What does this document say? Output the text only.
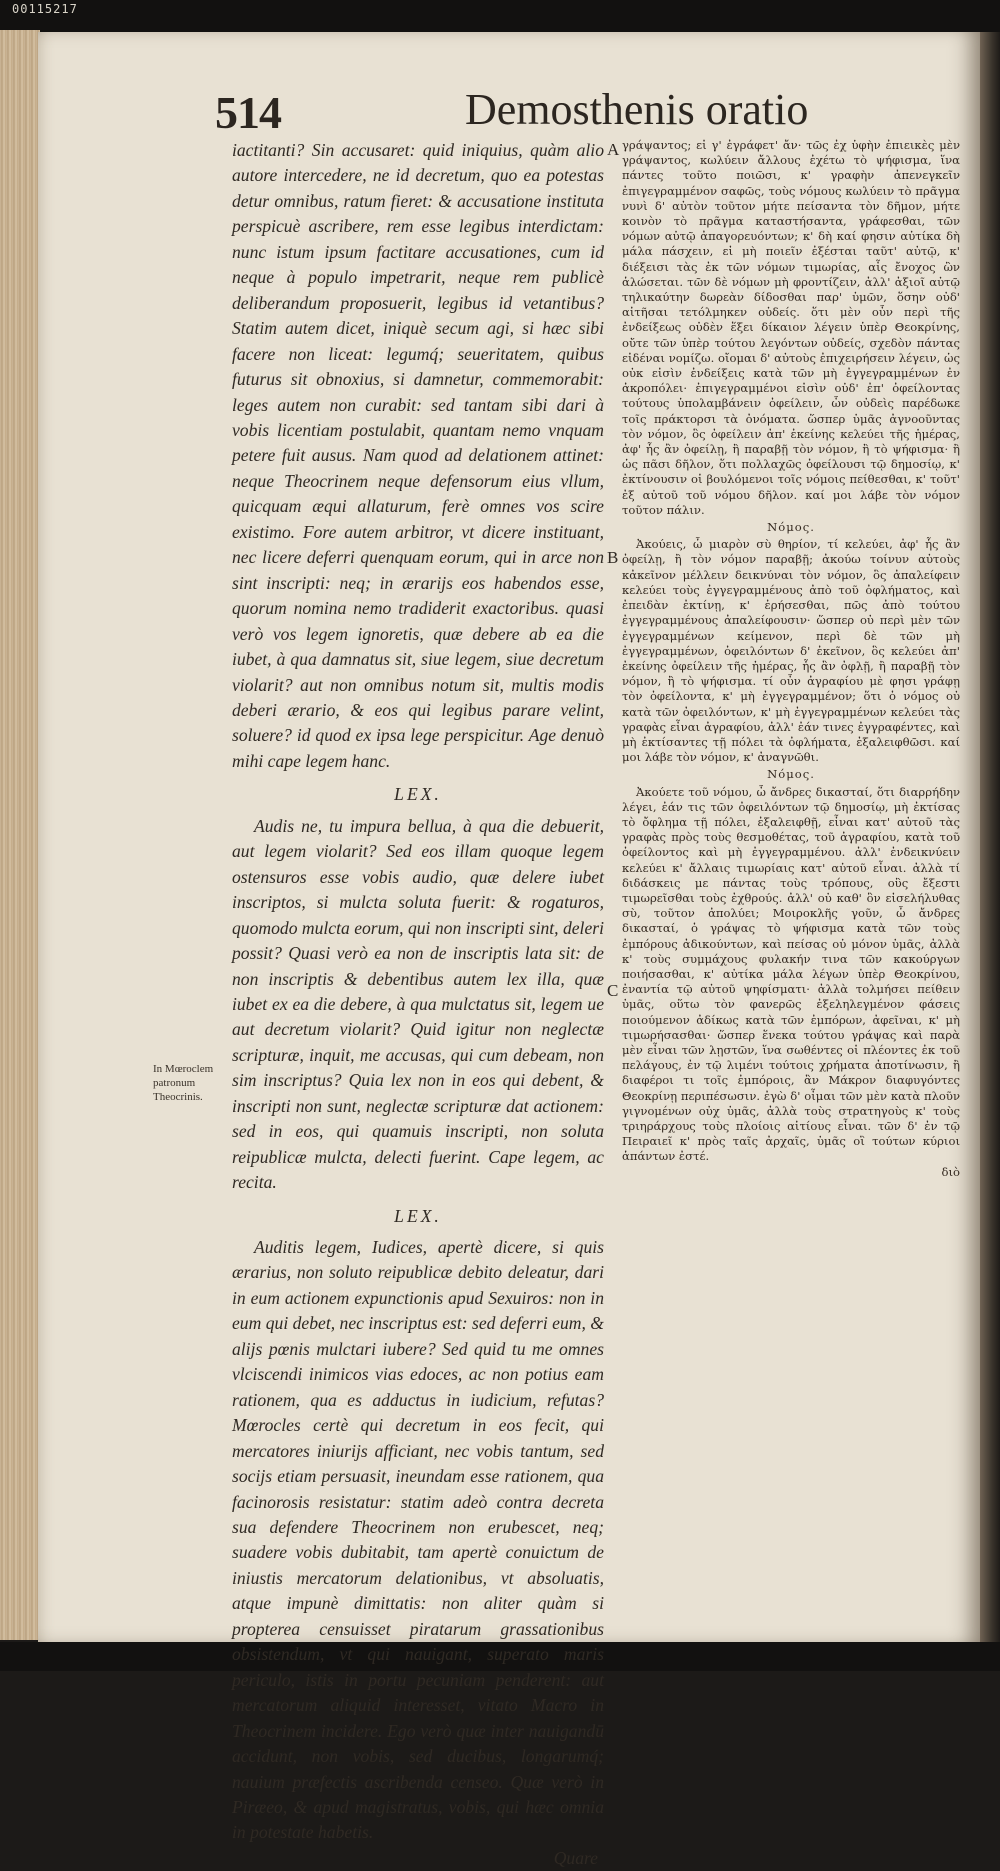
00115217
514	Demosthenis oratio

iactitanti? Sin accusaret: quid iniquius, quàm alio autore intercedere, ne id decretum, quo ea potestas detur omnibus, ratum fieret: & accusatione instituta perspicuè ascribere, rem esse legibus interdictam: nunc istum ipsum factitare accusationes, cum id neque à populo impetrarit, neque rem publicè deliberandum proposuerit, legibus id vetantibus? Statim autem dicet, iniquè secum agi, si hæc sibi facere non liceat: legumq́; seueritatem, quibus futurus sit obnoxius, si damnetur, commemorabit: leges autem non curabit: sed tantam sibi dari à vobis licentiam postulabit, quantam nemo vnquam petere fuit ausus. Nam quod ad delationem attinet: neque Theocrinem neque defensorum eius vllum, quicquam æqui allaturum, ferè omnes vos scire existimo. Fore autem arbitror, vt dicere instituant, nec licere deferri quenquam eorum, qui in arce non sint inscripti: neq; in ærarijs eos habendos esse, quorum nomina nemo tradiderit exactoribus. quasi verò vos legem ignoretis, quæ debere ab ea die iubet, à qua damnatus sit, siue legem, siue decretum violarit? aut non omnibus notum sit, multis modis deberi ærario, & eos qui legibus parare velint, soluere? id quod ex ipsa lege perspicitur. Age denuò mihi cape legem hanc.

LEX.

Audis ne, tu impura bellua, à qua die debuerit, aut legem violarit? Sed eos illam quoque legem ostensuros esse vobis audio, quæ delere iubet inscriptos, si mulcta soluta fuerit: & rogaturos, quomodo mulcta eorum, qui non inscripti sint, deleri possit? Quasi verò ea non de inscriptis lata sit: de non inscriptis & debentibus autem lex illa, quæ iubet ex ea die debere, à qua mulctatus sit, legem ue aut decretum violarit? Quid igitur non neglectæ scripturæ, inquit, me accusas, qui cum debeam, non sim inscriptus? Quia lex non in eos qui debent, & inscripti non sunt, neglectæ scripturæ dat actionem: sed in eos, qui quamuis inscripti, non soluta reipublicæ mulcta, delecti fuerint. Cape legem, ac recita.

LEX.

Auditis legem, Iudices, apertè dicere, si quis ærarius, non soluto reipublicæ debito deleatur, dari in eum actionem expunctionis apud Sexuiros: non in eum qui debet, nec inscriptus est: sed deferri eum, & alijs pœnis mulctari iubere? Sed quid tu me omnes vlciscendi inimicos vias edoces, ac non potius eam rationem, qua es adductus in iudicium, refutas? Mœrocles certè qui decretum in eos fecit, qui mercatores iniurijs afficiant, nec vobis tantum, sed socijs etiam persuasit, ineundam esse rationem, qua facinorosis resistatur: statim adeò contra decreta sua defendere Theocrinem non erubescet, neq; suadere vobis dubitabit, tam apertè conuictum de iniustis mercatorum delationibus, vt absoluatis, atque impunè dimittatis: non aliter quàm si propterea censuisset piratarum grassationibus obsistendum, vt qui nauigant, superato maris periculo, istis in portu pecuniam penderent: aut mercatorum aliquid interesset, vitato Macro in Theocrinem incidere. Ego verò quæ inter nauigandū accidunt, non vobis, sed ducibus, longarumq́; nauium præfectis ascribenda censeo. Quæ verò in Piræeo, & apud magistratus, vobis, qui hæc omnia in potestate habetis.

Quare
A
B
C
In Mœroclem patronum Theocrinis.

γράψαντος; εἰ γ' ἐγράφετ' ἄν· τῶς ἐχ ὑφὴν ἐπιεικὲς μὲν γράψαντος, κωλύειν ἄλλους ἐχέτω τὸ ψήφισμα, ἵνα πάντες τοῦτο ποιῶσι, κ' γραφὴν ἀπενεγκεῖν ἐπιγεγραμμένον σαφῶς, τοὺς νόμους κωλύειν τὸ πρᾶγμα νυνὶ δ' αὐτὸν τοῦτον μήτε πείσαντα τὸν δῆμον, μήτε κοινὸν τὸ πρᾶγμα καταστήσαντα, γράφεσθαι, τῶν νόμων αὐτῷ ἀπαγορευόντων; κ' δὴ καί φησιν αὐτίκα δὴ μάλα πάσχειν, εἰ μὴ ποιεῖν ἐξέσται ταῦτ' αὐτῷ, κ' διέξεισι τὰς ἐκ τῶν νόμων τιμωρίας, αἷς ἔνοχος ὢν ἁλώσεται. τῶν δὲ νόμων μὴ φροντίζειν, ἀλλ' ἀξιοῖ αὐτῷ τηλικαύτην δωρεὰν δίδοσθαι παρ' ὑμῶν, ὅσην οὐδ' αἰτῆσαι τετόλμηκεν οὐδείς. ὅτι μὲν οὖν περὶ τῆς ἐνδείξεως οὐδὲν ἕξει δίκαιον λέγειν ὑπὲρ Θεοκρίνης, οὔτε τῶν ὑπὲρ τούτου λεγόντων οὐδείς, σχεδὸν πάντας εἰδέναι νομίζω. οἴομαι δ' αὐτοὺς ἐπιχειρήσειν λέγειν, ὡς οὐκ εἰσὶν ἐνδείξεις κατὰ τῶν μὴ ἐγγεγραμμένων ἐν ἀκροπόλει· ἐπιγεγραμμένοι εἰσὶν οὐδ' ἐπ' ὀφείλοντας τούτους ὑπολαμβάνειν ὀφείλειν, ὧν οὐδεὶς παρέδωκε τοῖς πράκτορσι τὰ ὀνόματα. ὥσπερ ὑμᾶς ἀγνοοῦντας τὸν νόμον, ὃς ὀφείλειν ἀπ' ἐκείνης κελεύει τῆς ἡμέρας, ἀφ' ἧς ἂν ὀφείλῃ, ἢ παραβῇ τὸν νόμον, ἢ τὸ ψήφισμα· ἢ ὡς πᾶσι δῆλον, ὅτι πολλαχῶς ὀφείλουσι τῷ δημοσίῳ, κ' ἐκτίνουσιν οἱ βουλόμενοι τοῖς νόμοις πείθεσθαι, κ' τοῦτ' ἐξ αὐτοῦ τοῦ νόμου δῆλον. καί μοι λάβε τὸν νόμον τοῦτον πάλιν.

Νόμος.

Ἀκούεις, ὦ μιαρὸν σὺ θηρίον, τί κελεύει, ἀφ' ἧς ἂν ὀφείλῃ, ἢ τὸν νόμον παραβῇ; ἀκούω τοίνυν αὐτοὺς κἀκεῖνον μέλλειν δεικνύναι τὸν νόμον, ὃς ἀπαλείφειν κελεύει τοὺς ἐγγεγραμμένους ἀπὸ τοῦ ὀφλήματος, καὶ ἐπειδὰν ἐκτίνῃ, κ' ἐρήσεσθαι, πῶς ἀπὸ τούτου ἐγγεγραμμένους ἀπαλείφουσιν· ὥσπερ οὐ περὶ μὲν τῶν ἐγγεγραμμένων κείμενον, περὶ δὲ τῶν μὴ ἐγγεγραμμένων, ὀφειλόντων δ' ἐκεῖνον, ὃς κελεύει ἀπ' ἐκείνης ὀφείλειν τῆς ἡμέρας, ἧς ἂν ὀφλῇ, ἢ παραβῇ τὸν νόμον, ἢ τὸ ψήφισμα. τί οὖν ἀγραφίου μὲ φησι γράφῃ τὸν ὀφείλοντα, κ' μὴ ἐγγεγραμμένον; ὅτι ὁ νόμος οὐ κατὰ τῶν ὀφειλόντων, κ' μὴ ἐγγεγραμμένων κελεύει τὰς γραφὰς εἶναι ἀγραφίου, ἀλλ' ἐάν τινες ἐγγραφέντες, καὶ μὴ ἐκτίσαντες τῇ πόλει τὰ ὀφλήματα, ἐξαλειφθῶσι. καί μοι λάβε τὸν νόμον, κ' ἀναγνῶθι.

Νόμος.

Ἀκούετε τοῦ νόμου, ὦ ἄνδρες δικασταί, ὅτι διαρρήδην λέγει, ἐάν τις τῶν ὀφειλόντων τῷ δημοσίῳ, μὴ ἐκτίσας τὸ ὄφλημα τῇ πόλει, ἐξαλειφθῇ, εἶναι κατ' αὐτοῦ τὰς γραφὰς πρὸς τοὺς θεσμοθέτας, τοῦ ἀγραφίου, κατὰ τοῦ ὀφείλοντος καὶ μὴ ἐγγεγραμμένου. ἀλλ' ἐνδεικνύειν κελεύει κ' ἄλλαις τιμωρίαις κατ' αὐτοῦ εἶναι. ἀλλὰ τί διδάσκεις με πάντας τοὺς τρόπους, οὓς ἔξεστι τιμωρεῖσθαι τοὺς ἐχθρούς. ἀλλ' οὐ καθ' ὃν εἰσελήλυθας σὺ, τοῦτον ἀπολύει; Μοιροκλῆς γοῦν, ὦ ἄνδρες δικασταί, ὁ γράψας τὸ ψήφισμα κατὰ τῶν τοὺς ἐμπόρους ἀδικούντων, καὶ πείσας οὐ μόνον ὑμᾶς, ἀλλὰ κ' τοὺς συμμάχους φυλακήν τινα τῶν κακούργων ποιήσασθαι, κ' αὐτίκα μάλα λέγων ὑπὲρ Θεοκρίνου, ἐναντία τῷ αὐτοῦ ψηφίσματι· ἀλλὰ τολμήσει πείθειν ὑμᾶς, οὕτω τὸν φανερῶς ἐξεληλεγμένον φάσεις ποιούμενον ἀδίκως κατὰ τῶν ἐμπόρων, ἀφεῖναι, κ' μὴ τιμωρήσασθαι· ὥσπερ ἕνεκα τούτου γράψας καὶ παρὰ μὲν εἶναι τῶν λῃστῶν, ἵνα σωθέντες οἱ πλέοντες ἐκ τοῦ πελάγους, ἐν τῷ λιμένι τούτοις χρήματα ἀποτίνωσιν, ἢ διαφέροι τι τοῖς ἐμπόροις, ἂν Μάκρον διαφυγόντες Θεοκρίνῃ περιπέσωσιν. ἐγὼ δ' οἶμαι τῶν μὲν κατὰ πλοῦν γιγνομένων οὐχ ὑμᾶς, ἀλλὰ τοὺς στρατηγοὺς κ' τοὺς τριηράρχους τοὺς πλοίοις αἰτίους εἶναι. τῶν δ' ἐν τῷ Πειραιεῖ κ' πρὸς ταῖς ἀρχαῖς, ὑμᾶς οἳ τούτων κύριοι ἁπάντων ἐστέ.

διὸ
